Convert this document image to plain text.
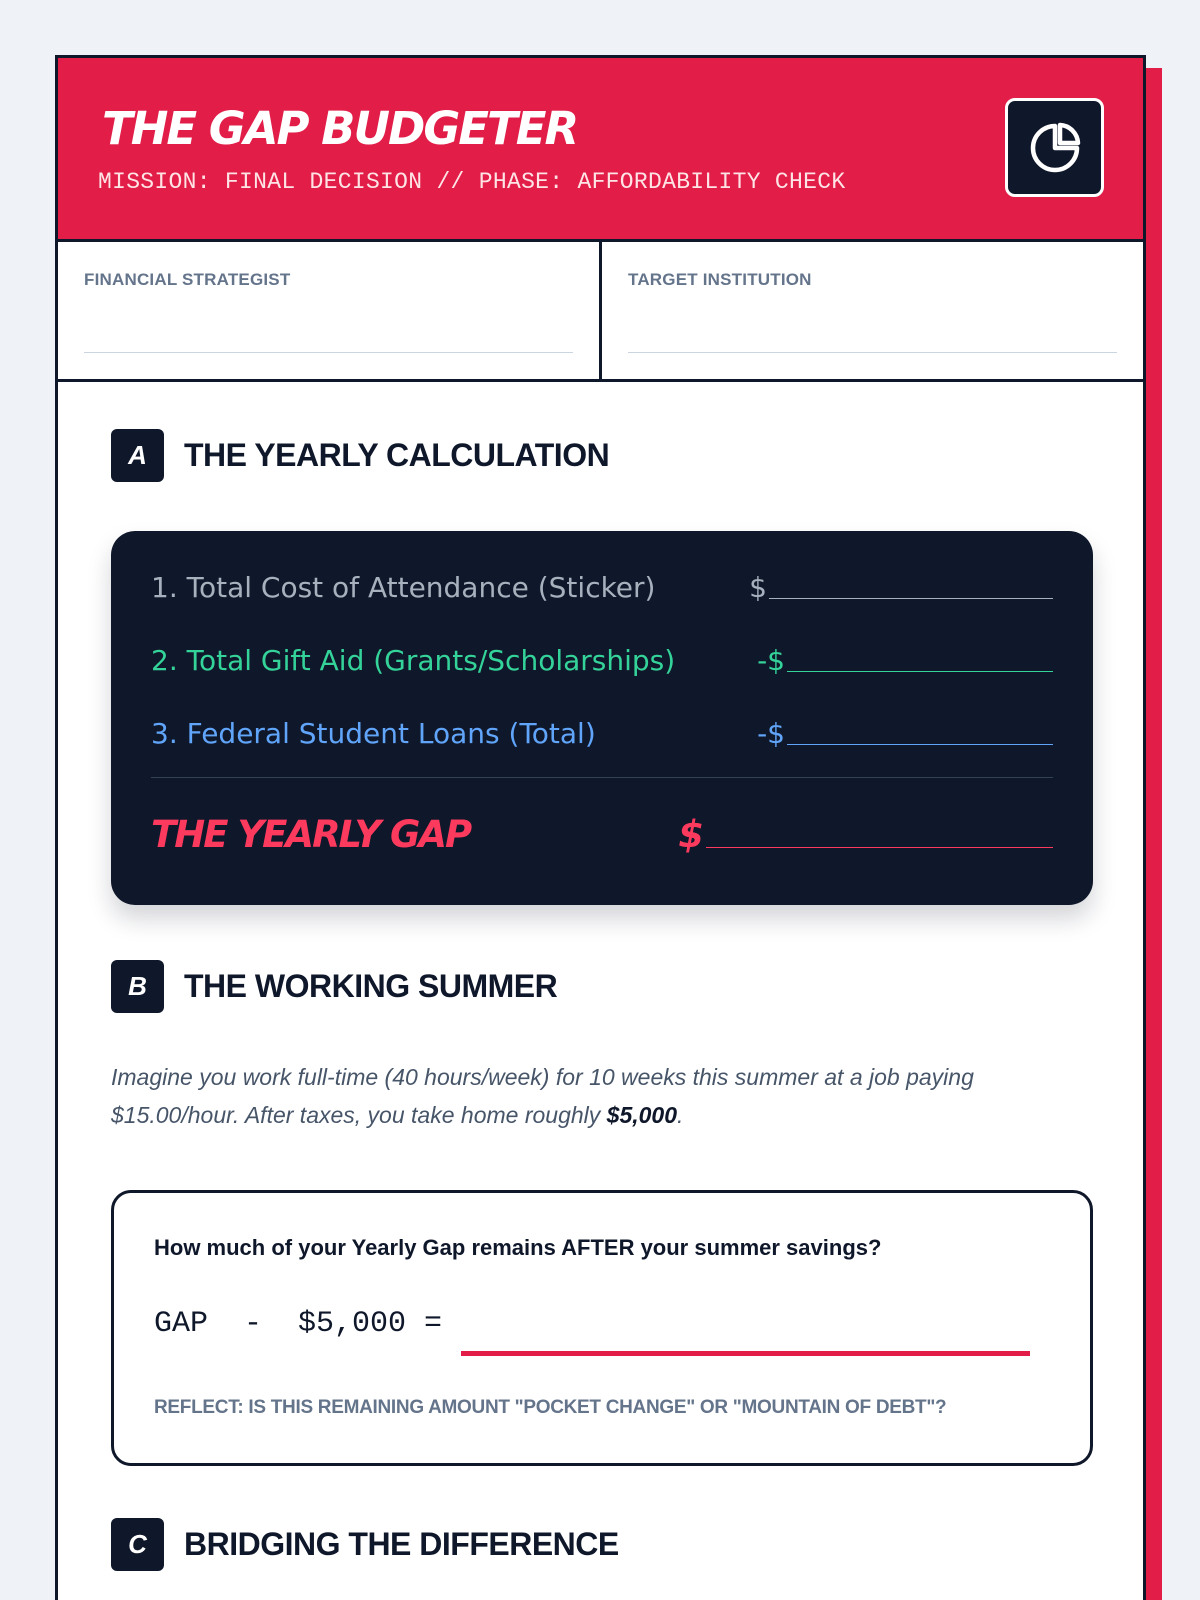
THE GAP BUDGETER
MISSION: FINAL DECISION // PHASE: AFFORDABILITY CHECK
FINANCIAL STRATEGIST	TARGET INSTITUTION
A	THE YEARLY CALCULATION
1. Total Cost of Attendance (Sticker)	$
2. Total Gift Aid (Grants/Scholarships)	-$
3. Federal Student Loans (Total)	-$
THE YEARLY GAP	$
B	THE WORKING SUMMER
Imagine you work full-time (40 hours/week) for 10 weeks this summer at a job paying $15.00/hour. After taxes, you take home roughly $5,000.
How much of your Yearly Gap remains AFTER your summer savings?
GAP  -  $5,000 =
REFLECT: IS THIS REMAINING AMOUNT "POCKET CHANGE" OR "MOUNTAIN OF DEBT"?
C	BRIDGING THE DIFFERENCE
